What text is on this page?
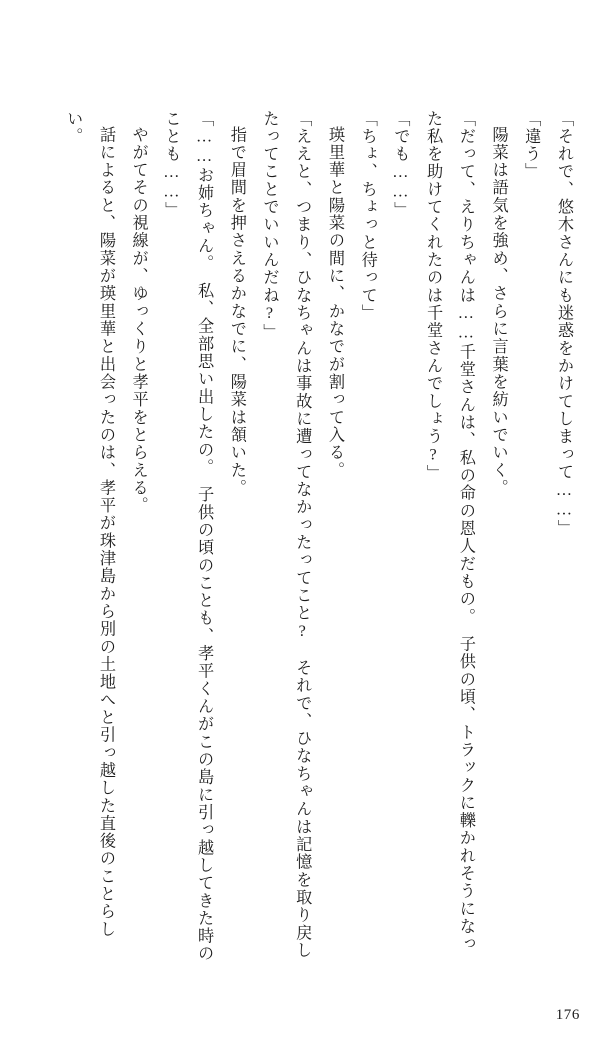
「それで、悠木さんにも迷惑をかけてしまって……」

「違う」

陽菜は語気を強め、さらに言葉を紡いでいく。

「だって、えりちゃんは……千堂さんは、私の命の恩人だもの。　子供の頃、トラックに轢かれそうになった私を助けてくれたのは千堂さんでしょう?」

「でも……」

「ちょ、ちょっと待って」

瑛里華と陽菜の間に、かなでが割って入る。

「ええと、つまり、ひなちゃんは事故に遭ってなかったってこと?　それで、ひなちゃんは記憶を取り戻したってことでいいんだね?」

指で眉間を押さえるかなでに、陽菜は頷いた。

「……お姉ちゃん。　私、全部思い出したの。　子供の頃のことも、孝平くんがこの島に引っ越してきた時のことも……」

やがてその視線が、ゆっくりと孝平をとらえる。

話によると、陽菜が瑛里華と出会ったのは、孝平が珠津島から別の土地へと引っ越した直後のことらしい。

176
